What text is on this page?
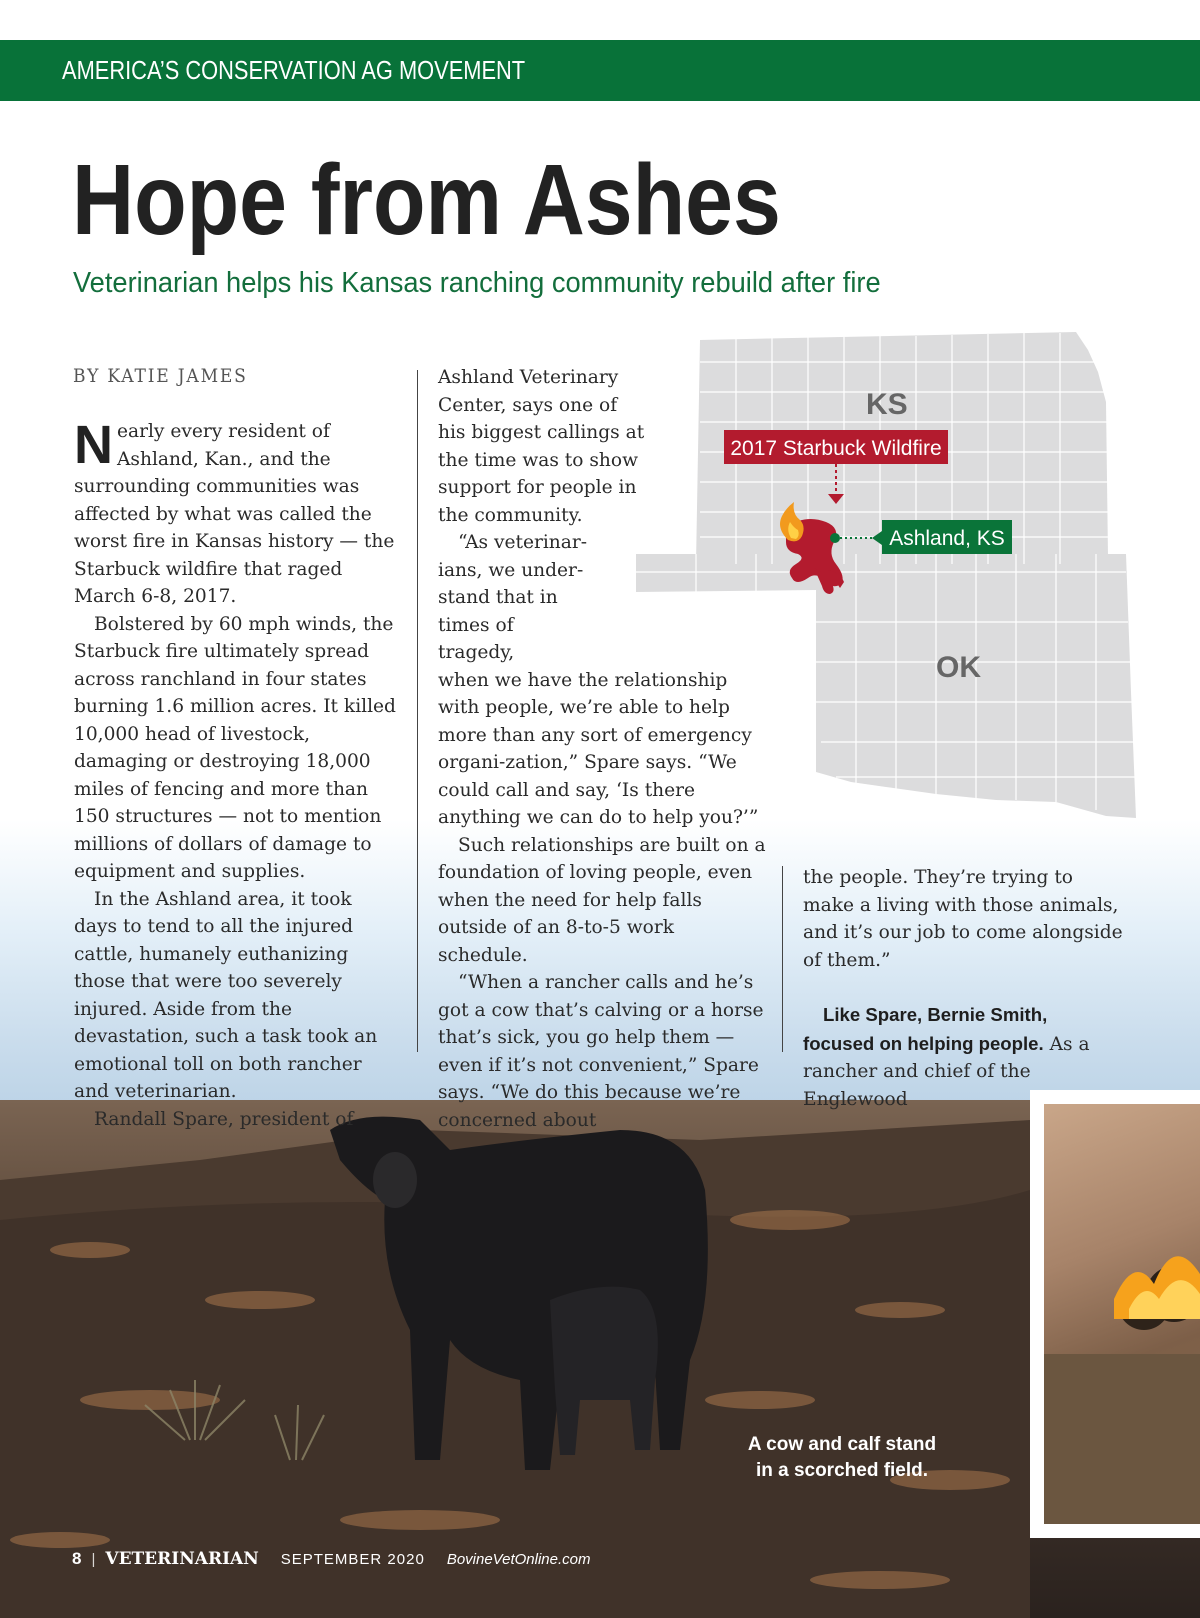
AMERICA’S CONSERVATION AG MOVEMENT
Hope from Ashes
Veterinarian helps his Kansas ranching community rebuild after fire
BY KATIE JAMES
KS
OK
2017 Starbuck Wildfire
Ashland, KS

Nearly every resident of Ashland, Kan., and the surrounding communities was affected by what was called the worst fire in Kansas history — the Starbuck wildfire that raged March 6-8, 2017.

Bolstered by 60 mph winds, the Starbuck fire ultimately spread across ranchland in four states burning 1.6 million acres. It killed 10,000 head of livestock, damaging or destroying 18,000 miles of fencing and more than 150 structures — not to mention millions of dollars of damage to equipment and supplies.

In the Ashland area, it took days to tend to all the injured cattle, humanely euthanizing those that were too severely injured. Aside from the devastation, such a task took an emotional toll on both rancher and veterinarian.

Randall Spare, president of

Ashland Veterinary Center, says one of his biggest callings at the time was to show support for people in the community.

“As veterinar-ians, we under-stand that in times of tragedy,

when we have the relationship with people, we’re able to help more than any sort of emergency organi-zation,” Spare says. “We could call and say, ‘Is there anything we can do to help you?’”

Such relationships are built on a foundation of loving people, even when the need for help falls outside of an 8-to-5 work schedule.

“When a rancher calls and he’s got a cow that’s calving or a horse that’s sick, you go help them — even if it’s not convenient,” Spare says. “We do this because we’re concerned about

the people. They’re trying to make a living with those animals, and it’s our job to come alongside of them.”

Like Spare, Bernie Smith, focused on helping people. As a rancher and chief of the Englewood

A cow and calf stand
in a scorched field.
8 | VETERINARIAN SEPTEMBER 2020 BovineVetOnline.com
